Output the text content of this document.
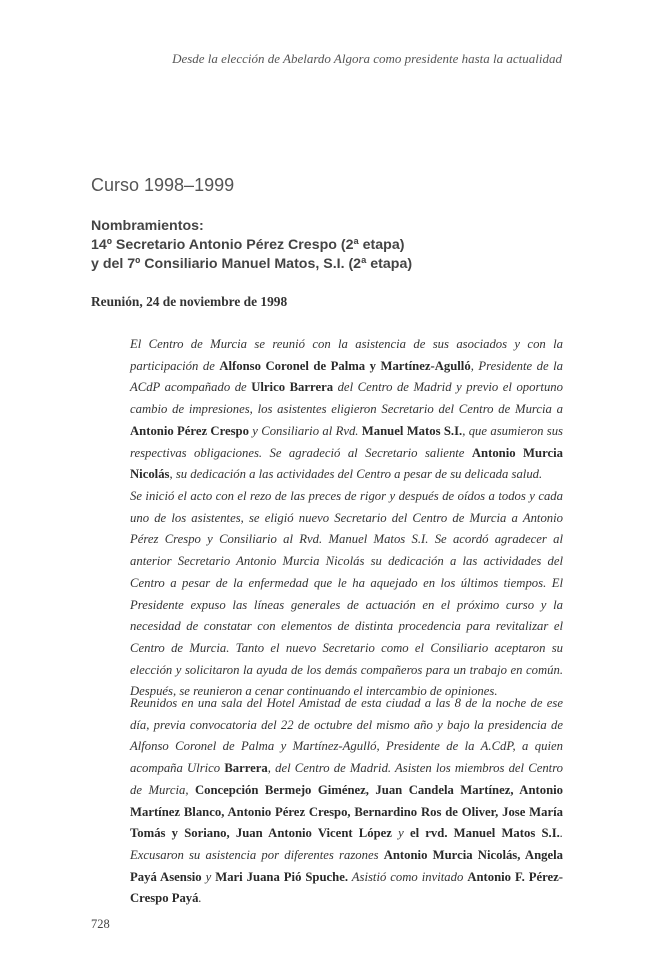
Desde la elección de Abelardo Algora como presidente hasta la actualidad
Curso 1998–1999
Nombramientos:
14º Secretario Antonio Pérez Crespo (2ª etapa)
y del 7º Consiliario Manuel Matos, S.I. (2ª etapa)
Reunión, 24 de noviembre de 1998

El Centro de Murcia se reunió con la asistencia de sus asociados y con la participación de Alfonso Coronel de Palma y Martínez-Agulló, Presidente de la ACdP acompañado de Ulrico Barrera del Centro de Madrid y previo el oportuno cambio de impresiones, los asistentes eligieron Secretario del Centro de Murcia a Antonio Pérez Crespo y Consiliario al Rvd. Manuel Matos S.I., que asumieron sus respectivas obligaciones. Se agradeció al Secretario saliente Antonio Murcia Nicolás, su dedicación a las actividades del Centro a pesar de su delicada salud.

Se inició el acto con el rezo de las preces de rigor y después de oídos a todos y cada uno de los asistentes, se eligió nuevo Secretario del Centro de Murcia a Antonio Pérez Crespo y Consiliario al Rvd. Manuel Matos S.I. Se acordó agradecer al anterior Secretario Antonio Murcia Nicolás su dedicación a las actividades del Centro a pesar de la enfermedad que le ha aquejado en los últimos tiempos. El Presidente expuso las líneas generales de actuación en el próximo curso y la necesidad de constatar con elementos de distinta procedencia para revitalizar el Centro de Murcia. Tanto el nuevo Secretario como el Consiliario aceptaron su elección y solicitaron la ayuda de los demás compañeros para un trabajo en común. Después, se reunieron a cenar continuando el intercambio de opiniones.

Reunidos en una sala del Hotel Amistad de esta ciudad a las 8 de la noche de ese día, previa convocatoria del 22 de octubre del mismo año y bajo la presidencia de Alfonso Coronel de Palma y Martínez-Agulló, Presidente de la A.CdP, a quien acompaña Ulrico Barrera, del Centro de Madrid. Asisten los miembros del Centro de Murcia, Concepción Bermejo Giménez, Juan Candela Martínez, Antonio Martínez Blanco, Antonio Pérez Crespo, Bernardino Ros de Oliver, Jose María Tomás y Soriano, Juan Antonio Vicent López y el rvd. Manuel Matos S.I.. Excusaron su asistencia por diferentes razones Antonio Murcia Nicolás, Angela Payá Asensio y Mari Juana Pió Spuche. Asistió como invitado Antonio F. Pérez-Crespo Payá.

728
